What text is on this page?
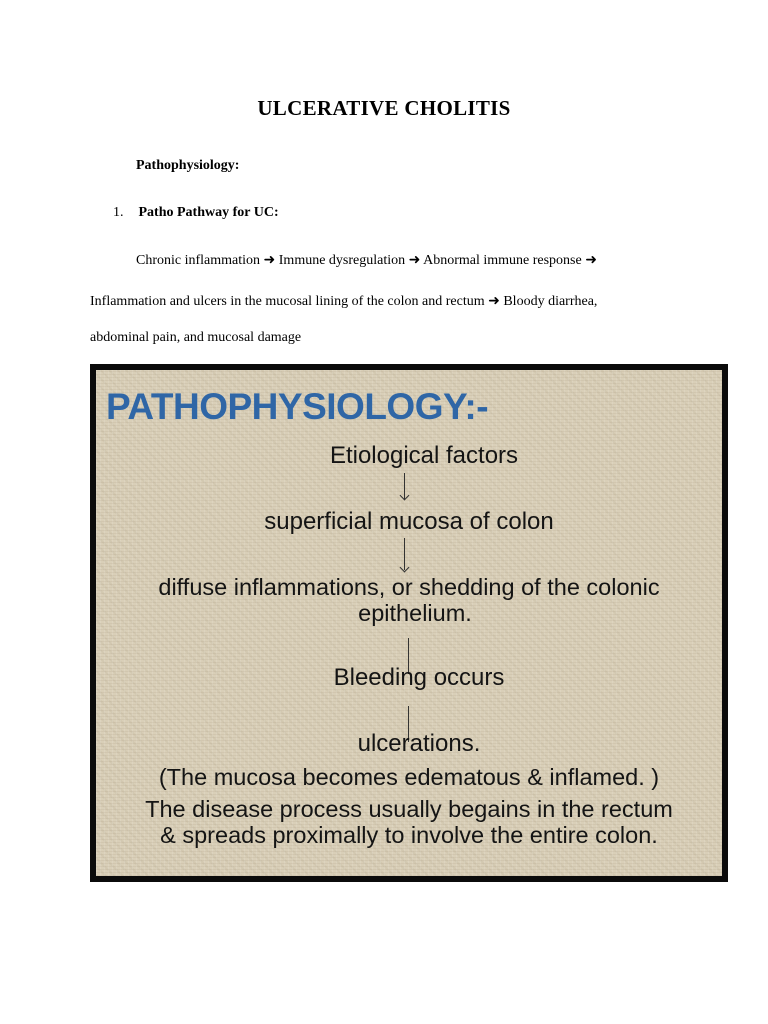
ULCERATIVE CHOLITIS
Pathophysiology:
1. Patho Pathway for UC:
Chronic inflammation ➜ Immune dysregulation ➜ Abnormal immune response ➜
Inflammation and ulcers in the mucosal lining of the colon and rectum ➜ Bloody diarrhea,
abdominal pain, and mucosal damage
PATHOPHYSIOLOGY:-
Etiological factors
superficial mucosa of colon
diffuse inflammations, or shedding of the colonic
epithelium.
Bleeding occurs
ulcerations.
(The mucosa becomes edematous & inflamed. )
The disease process usually begains in the rectum
& spreads proximally to involve the entire colon.
